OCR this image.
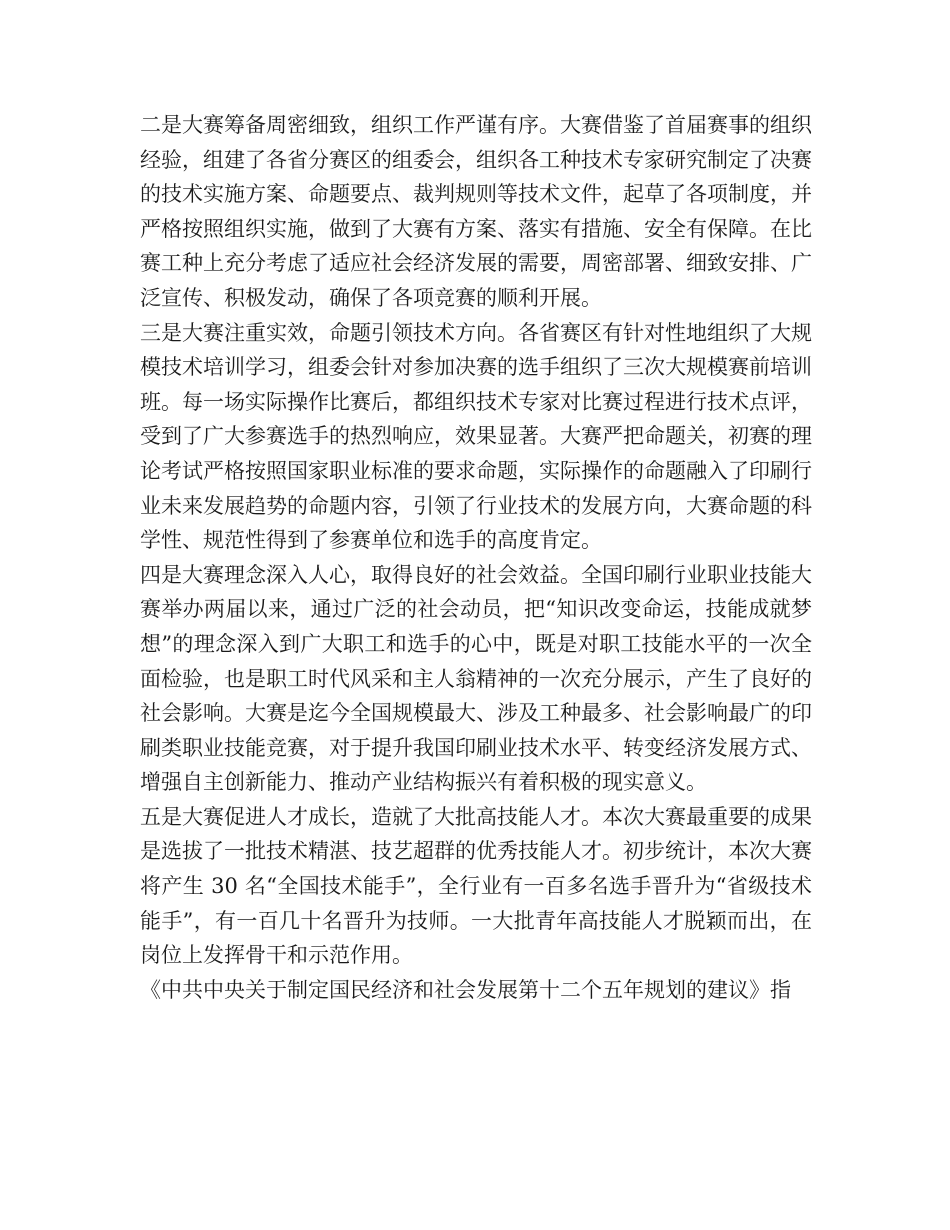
二是大赛筹备周密细致，组织工作严谨有序。大赛借鉴了首届赛事的组织经验，组建了各省分赛区的组委会，组织各工种技术专家研究制定了决赛的技术实施方案、命题要点、裁判规则等技术文件，起草了各项制度，并严格按照组织实施，做到了大赛有方案、落实有措施、安全有保障。在比赛工种上充分考虑了适应社会经济发展的需要，周密部署、细致安排、广泛宣传、积极发动，确保了各项竞赛的顺利开展。

三是大赛注重实效，命题引领技术方向。各省赛区有针对性地组织了大规模技术培训学习，组委会针对参加决赛的选手组织了三次大规模赛前培训班。每一场实际操作比赛后，都组织技术专家对比赛过程进行技术点评，受到了广大参赛选手的热烈响应，效果显著。大赛严把命题关，初赛的理论考试严格按照国家职业标准的要求命题，实际操作的命题融入了印刷行业未来发展趋势的命题内容，引领了行业技术的发展方向，大赛命题的科学性、规范性得到了参赛单位和选手的高度肯定。

四是大赛理念深入人心，取得良好的社会效益。全国印刷行业职业技能大赛举办两届以来，通过广泛的社会动员，把“知识改变命运，技能成就梦想”的理念深入到广大职工和选手的心中，既是对职工技能水平的一次全面检验，也是职工时代风采和主人翁精神的一次充分展示，产生了良好的社会影响。大赛是迄今全国规模最大、涉及工种最多、社会影响最广的印刷类职业技能竞赛，对于提升我国印刷业技术水平、转变经济发展方式、增强自主创新能力、推动产业结构振兴有着积极的现实意义。

五是大赛促进人才成长，造就了大批高技能人才。本次大赛最重要的成果是选拔了一批技术精湛、技艺超群的优秀技能人才。初步统计，本次大赛将产生 30 名“全国技术能手”，全行业有一百多名选手晋升为“省级技术能手”，有一百几十名晋升为技师。一大批青年高技能人才脱颖而出，在岗位上发挥骨干和示范作用。

《中共中央关于制定国民经济和社会发展第十二个五年规划的建议》指
